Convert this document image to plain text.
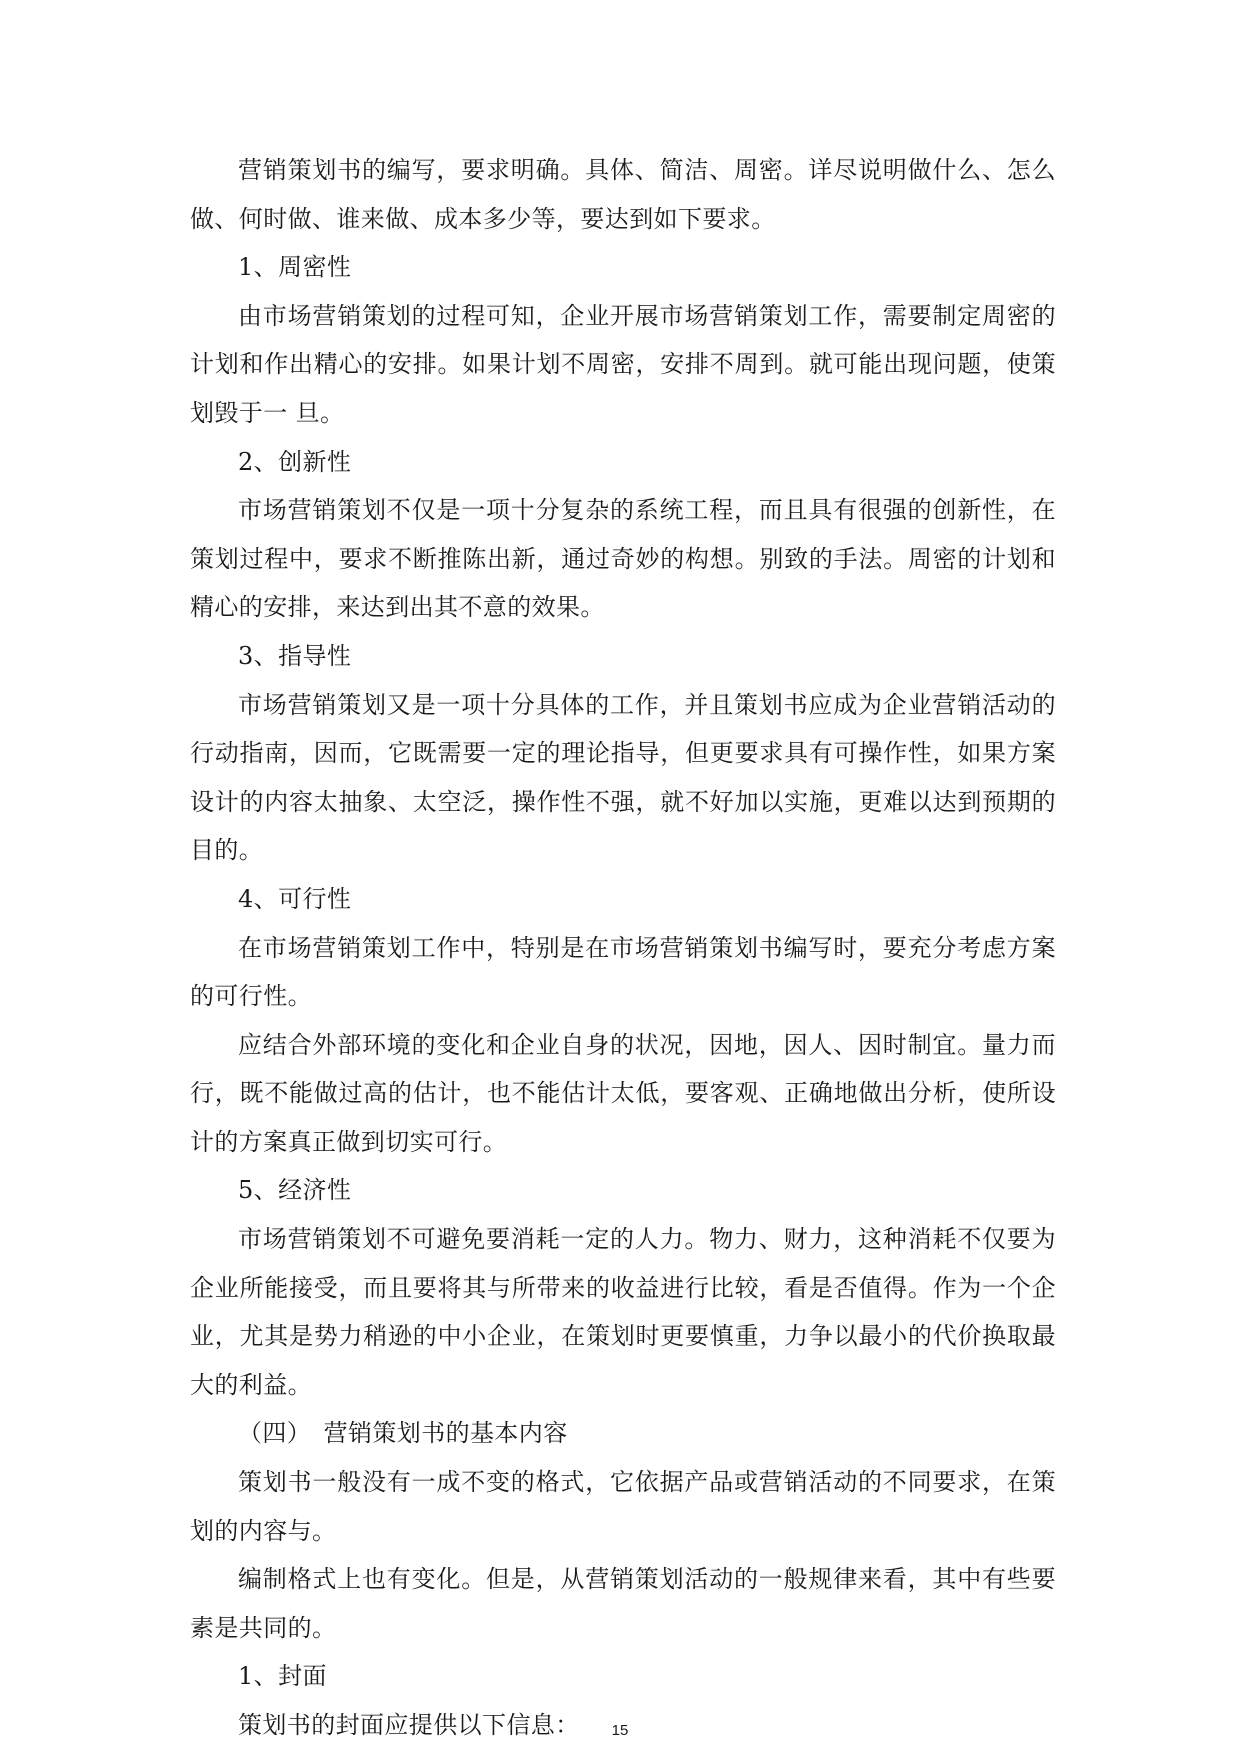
营销策划书的编写，要求明确。具体、简洁、周密。详尽说明做什么、怎么做、何时做、谁来做、成本多少等，要达到如下要求。

1、周密性

由市场营销策划的过程可知，企业开展市场营销策划工作，需要制定周密的计划和作出精心的安排。如果计划不周密，安排不周到。就可能出现问题，使策划毁于一 旦。

2、创新性

市场营销策划不仅是一项十分复杂的系统工程，而且具有很强的创新性，在策划过程中，要求不断推陈出新，通过奇妙的构想。别致的手法。周密的计划和精心的安排，来达到出其不意的效果。

3、指导性

市场营销策划又是一项十分具体的工作，并且策划书应成为企业营销活动的行动指南，因而，它既需要一定的理论指导，但更要求具有可操作性，如果方案设计的内容太抽象、太空泛，操作性不强，就不好加以实施，更难以达到预期的目的。

4、可行性

在市场营销策划工作中，特别是在市场营销策划书编写时，要充分考虑方案的可行性。

应结合外部环境的变化和企业自身的状况，因地，因人、因时制宜。量力而行，既不能做过高的估计，也不能估计太低，要客观、正确地做出分析，使所设　计的方案真正做到切实可行。

5、经济性

市场营销策划不可避免要消耗一定的人力。物力、财力，这种消耗不仅要为企业所能接受，而且要将其与所带来的收益进行比较，看是否值得。作为一个企业，尤其是势力稍逊的中小企业，在策划时更要慎重，力争以最小的代价换取最大的利益。

（四）　营销策划书的基本内容

策划书一般没有一成不变的格式，它依据产品或营销活动的不同要求，在策划的内容与。

编制格式上也有变化。但是，从营销策划活动的一般规律来看，其中有些要素是共同的。

1、封面

策划书的封面应提供以下信息：	15
